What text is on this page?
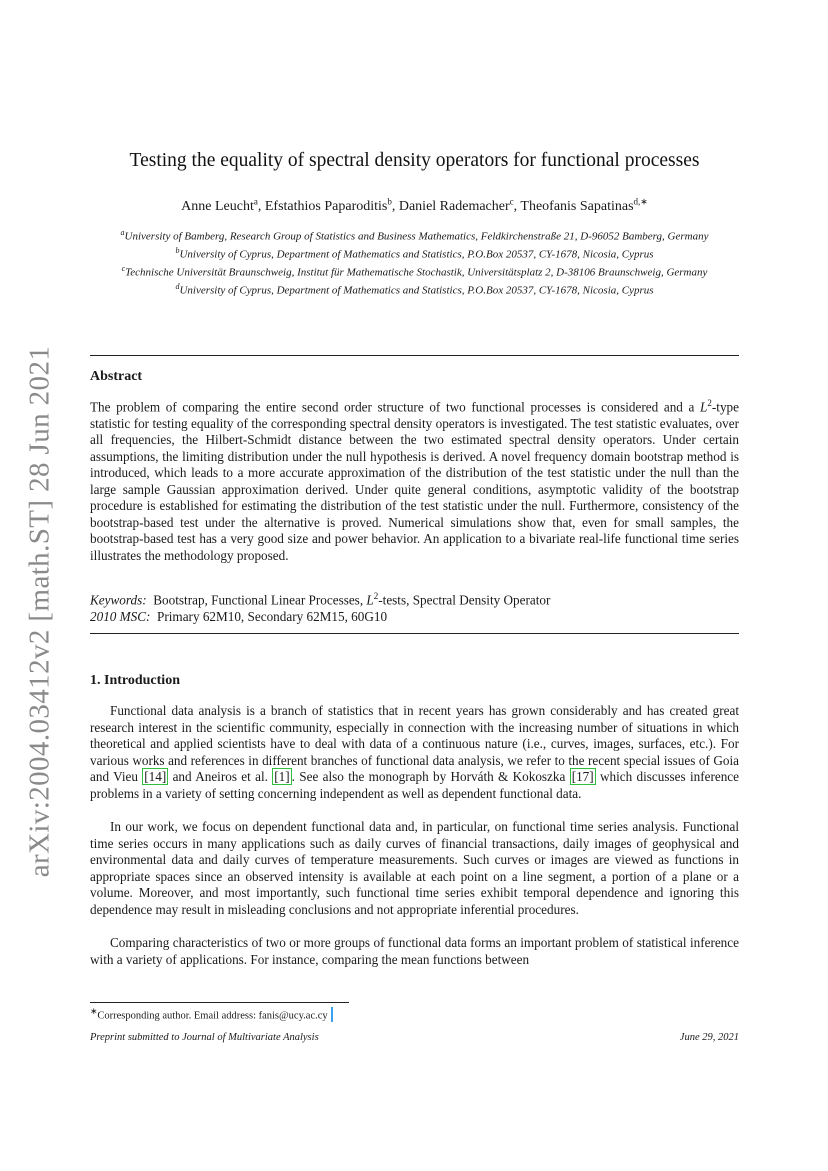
arXiv:2004.03412v2 [math.ST] 28 Jun 2021
Testing the equality of spectral density operators for functional processes
Anne Leucht$^a$, Efstathios Paparoditis$^b$, Daniel Rademacher$^c$, Theofanis Sapatinas$^{d,∗}$
$^a$University of Bamberg, Research Group of Statistics and Business Mathematics, Feldkirchenstraße 21, D-96052 Bamberg, Germany
$^b$University of Cyprus, Department of Mathematics and Statistics, P.O.Box 20537, CY-1678, Nicosia, Cyprus
$^c$Technische Universität Braunschweig, Institut für Mathematische Stochastik, Universitätsplatz 2, D-38106 Braunschweig, Germany
$^d$University of Cyprus, Department of Mathematics and Statistics, P.O.Box 20537, CY-1678, Nicosia, Cyprus
Abstract

The problem of comparing the entire second order structure of two functional processes is considered and a $L^2$-type statistic for testing equality of the corresponding spectral density operators is investigated. The test statistic evaluates, over all frequencies, the Hilbert-Schmidt distance between the two estimated spectral density operators. Under certain assumptions, the limiting distribution under the null hypothesis is derived. A novel frequency domain bootstrap method is introduced, which leads to a more accurate approximation of the distribution of the test statistic under the null than the large sample Gaussian approximation derived. Under quite general conditions, asymptotic validity of the bootstrap procedure is established for estimating the distribution of the test statistic under the null. Furthermore, consistency of the bootstrap-based test under the alternative is proved. Numerical simulations show that, even for small samples, the bootstrap-based test has a very good size and power behavior. An application to a bivariate real-life functional time series illustrates the methodology proposed.

Keywords: Bootstrap, Functional Linear Processes, $L^2$-tests, Spectral Density Operator
2010 MSC: Primary 62M10, Secondary 62M15, 60G10
1. Introduction

Functional data analysis is a branch of statistics that in recent years has grown considerably and has created great research interest in the scientific community, especially in connection with the increasing number of situations in which theoretical and applied scientists have to deal with data of a continuous nature (i.e., curves, images, surfaces, etc.). For various works and references in different branches of functional data analysis, we refer to the recent special issues of Goia and Vieu [14] and Aneiros et al. [1] . See also the monograph by Horváth & Kokoszka [17] which discusses inference problems in a variety of setting concerning independent as well as dependent functional data.

In our work, we focus on dependent functional data and, in particular, on functional time series analysis. Functional time series occurs in many applications such as daily curves of financial transactions, daily images of geophysical and environmental data and daily curves of temperature measurements. Such curves or images are viewed as functions in appropriate spaces since an observed intensity is available at each point on a line segment, a portion of a plane or a volume. Moreover, and most importantly, such functional time series exhibit temporal dependence and ignoring this dependence may result in misleading conclusions and not appropriate inferential procedures.

Comparing characteristics of two or more groups of functional data forms an important problem of statistical inference with a variety of applications. For instance, comparing the mean functions between

∗Corresponding author. Email address: fanis@ucy.ac.cy
Preprint submitted to Journal of Multivariate Analysis	June 29, 2021
